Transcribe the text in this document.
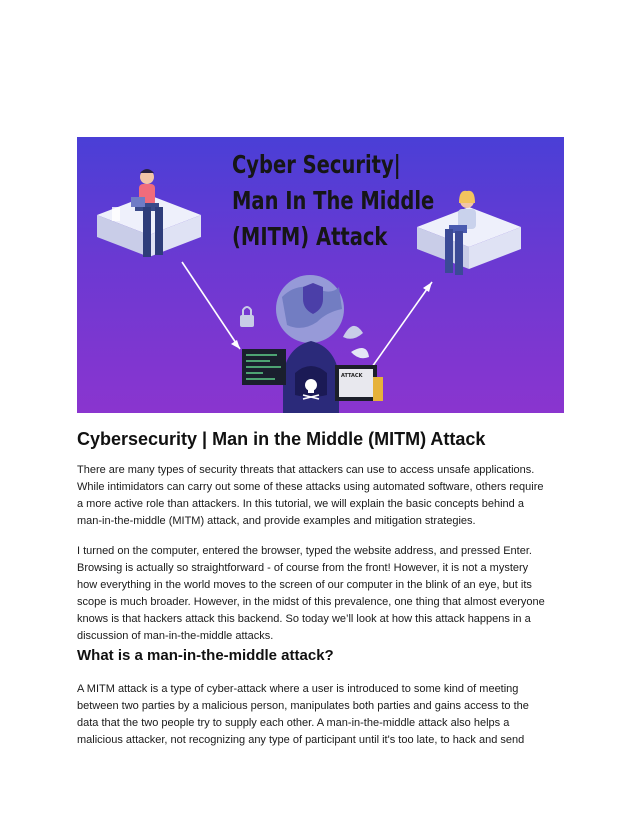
ATTACK
Cyber Security|
Man In The Middle
(MITM) Attack
Cybersecurity | Man in the Middle (MITM) Attack
There are many types of security threats that attackers can use to access unsafe applications.
While intimidators can carry out some of these attacks using automated software, others require
a more active role than attackers. In this tutorial, we will explain the basic concepts behind a
man-in-the-middle (MITM) attack, and provide examples and mitigation strategies.
I turned on the computer, entered the browser, typed the website address, and pressed Enter.
Browsing is actually so straightforward - of course from the front! However, it is not a mystery
how everything in the world moves to the screen of our computer in the blink of an eye, but its
scope is much broader. However, in the midst of this prevalence, one thing that almost everyone
knows is that hackers attack this backend. So today we’ll look at how this attack happens in a
discussion of man-in-the-middle attacks.
What is a man-in-the-middle attack?
A MITM attack is a type of cyber-attack where a user is introduced to some kind of meeting
between two parties by a malicious person, manipulates both parties and gains access to the
data that the two people try to supply each other. A man-in-the-middle attack also helps a
malicious attacker, not recognizing any type of participant until it's too late, to hack and send
